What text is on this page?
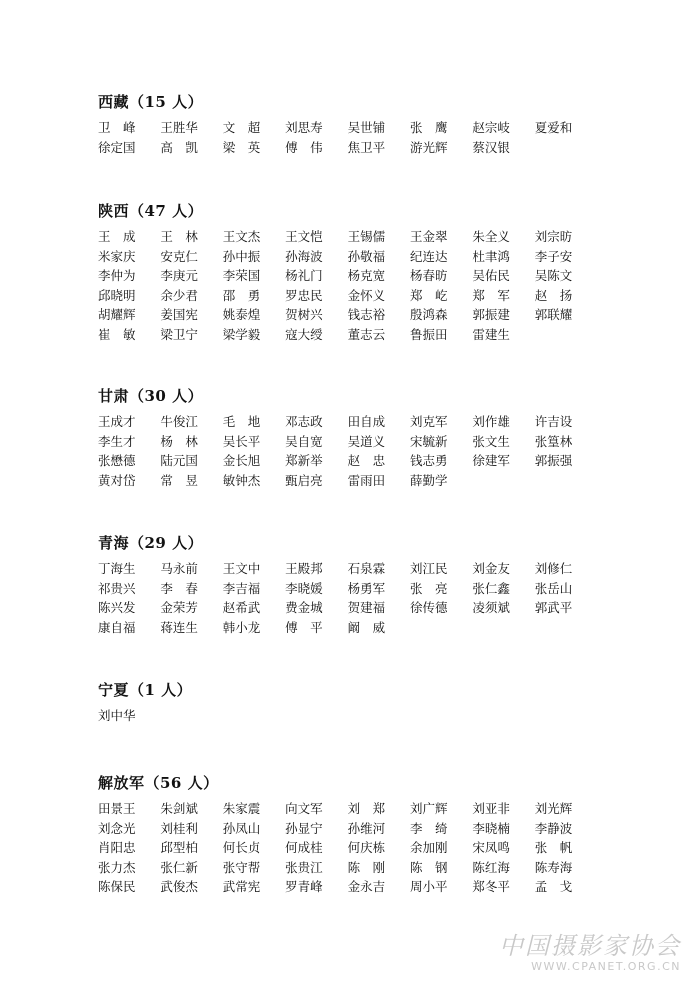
西藏（15 人）
卫　峰	王胜华	文　超	刘思寿	吴世铺	张　鹰	赵宗岐	夏爱和
徐定国	高　凯	梁　英	傅　伟	焦卫平	游光辉	蔡汉银
陕西（47 人）
王　成	王　林	王文杰	王文恺	王锡儒	王金翠	朱全义	刘宗昉
米家庆	安克仁	孙中振	孙海波	孙敬福	纪连达	杜聿鸿	李子安
李仲为	李庚元	李荣国	杨礼门	杨克宽	杨春昉	吴佑民	吴陈文
邱晓明	余少君	邵　勇	罗忠民	金怀义	郑　屹	郑　军	赵　扬
胡耀辉	姜国宪	姚泰煌	贺树兴	钱志裕	殷鸿森	郭振建	郭联耀
崔　敏	梁卫宁	梁学毅	寇大绶	董志云	鲁振田	雷建生
甘肃（30 人）
王成才	牛俊江	毛　地	邓志政	田自成	刘克军	刘作雄	许吉设
李生才	杨　林	吴长平	吴自宽	吴道义	宋毓新	张文生	张篁林
张懋德	陆元国	金长旭	郑新举	赵　忠	钱志勇	徐建军	郭振强
黄对岱	常　昱	敏钟杰	甄启亮	雷雨田	薛勤学
青海（29 人）
丁海生	马永前	王文中	王殿邦	石泉霖	刘江民	刘金友	刘修仁
祁贵兴	李　春	李吉福	李晓媛	杨勇军	张　亮	张仁鑫	张岳山
陈兴发	金荣芳	赵希武	费金城	贺建福	徐传德	凌须斌	郭武平
康自福	蒋连生	韩小龙	傅　平	阚　威
宁夏（1 人）
刘中华
解放军（56 人）
田景王	朱剑斌	朱家震	向文军	刘　郑	刘广辉	刘亚非	刘光辉
刘念光	刘桂利	孙凤山	孙显宁	孙维河	李　绮	李晓楠	李静波
肖阳忠	邱型柏	何长贞	何成桂	何庆栋	余加刚	宋凤鸣	张　帆
张力杰	张仁新	张守帮	张贵江	陈　刚	陈　钢	陈红海	陈寿海
陈保民	武俊杰	武常宪	罗青峰	金永吉	周小平	郑冬平	孟　戈
中国摄影家协会
WWW.CPANET.ORG.CN
